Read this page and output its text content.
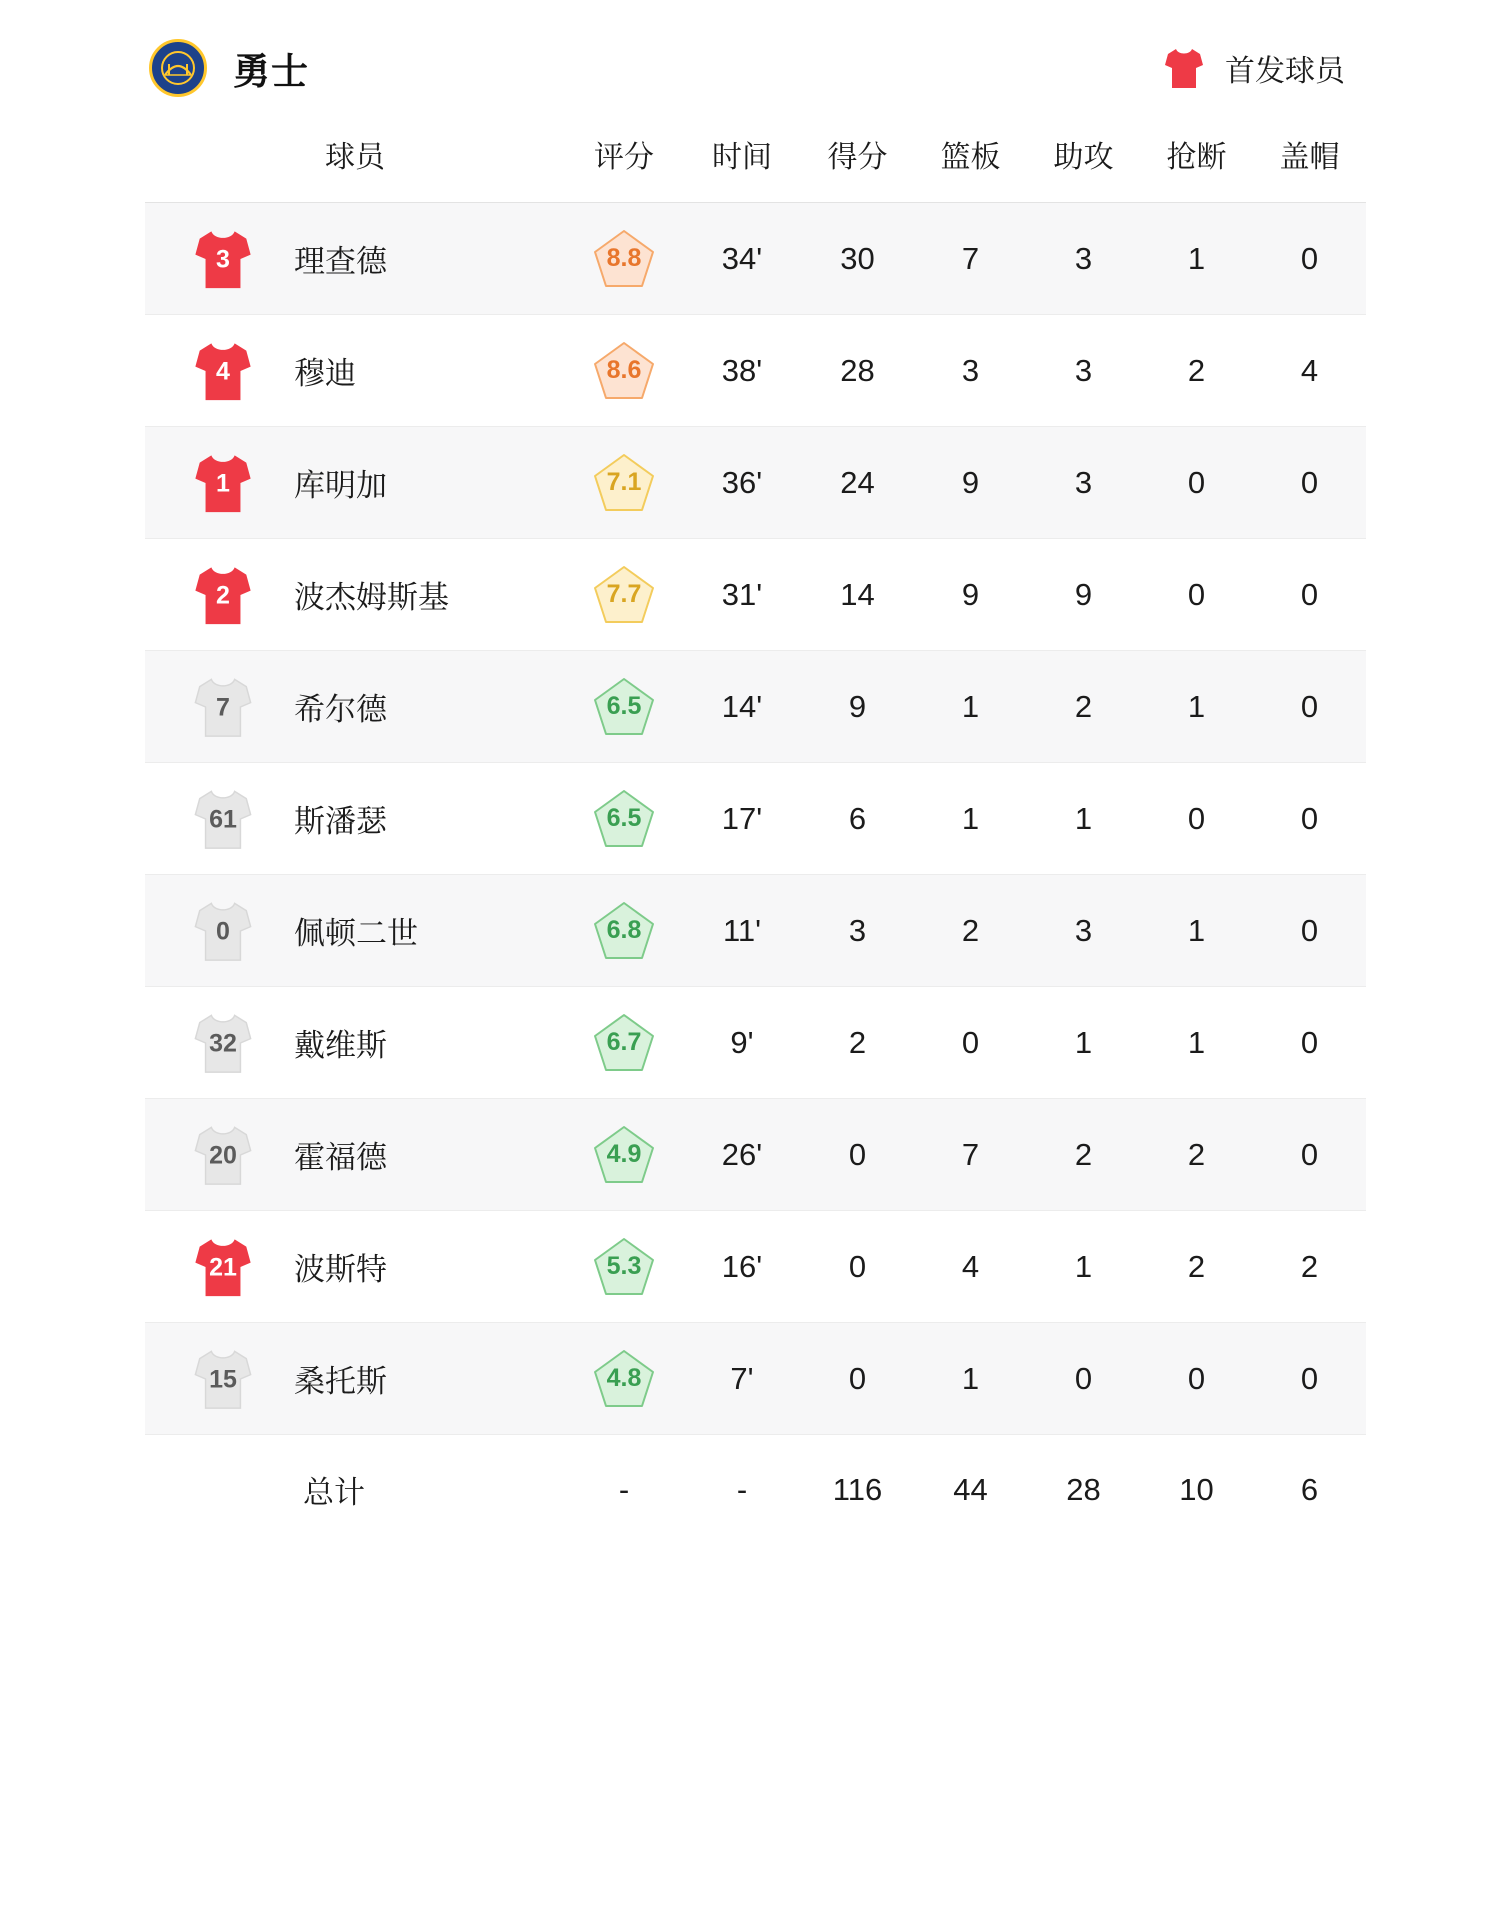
勇士	首发球员
球员	评分	时间	得分	篮板	助攻	抢断	盖帽

3 理查德	8.8	34'	30	7	3	1	0

4 穆迪	8.6	38'	28	3	3	2	4

1 库明加	7.1	36'	24	9	3	0	0

2 波杰姆斯基	7.7	31'	14	9	9	0	0

7 希尔德	6.5	14'	9	1	2	1	0

61 斯潘瑟	6.5	17'	6	1	1	0	0

0 佩顿二世	6.8	11'	3	2	3	1	0

32 戴维斯	6.7	9'	2	0	1	1	0

20 霍福德	4.9	26'	0	7	2	2	0

21 波斯特	5.3	16'	0	4	1	2	2

15 桑托斯	4.8	7'	0	1	0	0	0
总计	-	-	116	44	28	10	6
